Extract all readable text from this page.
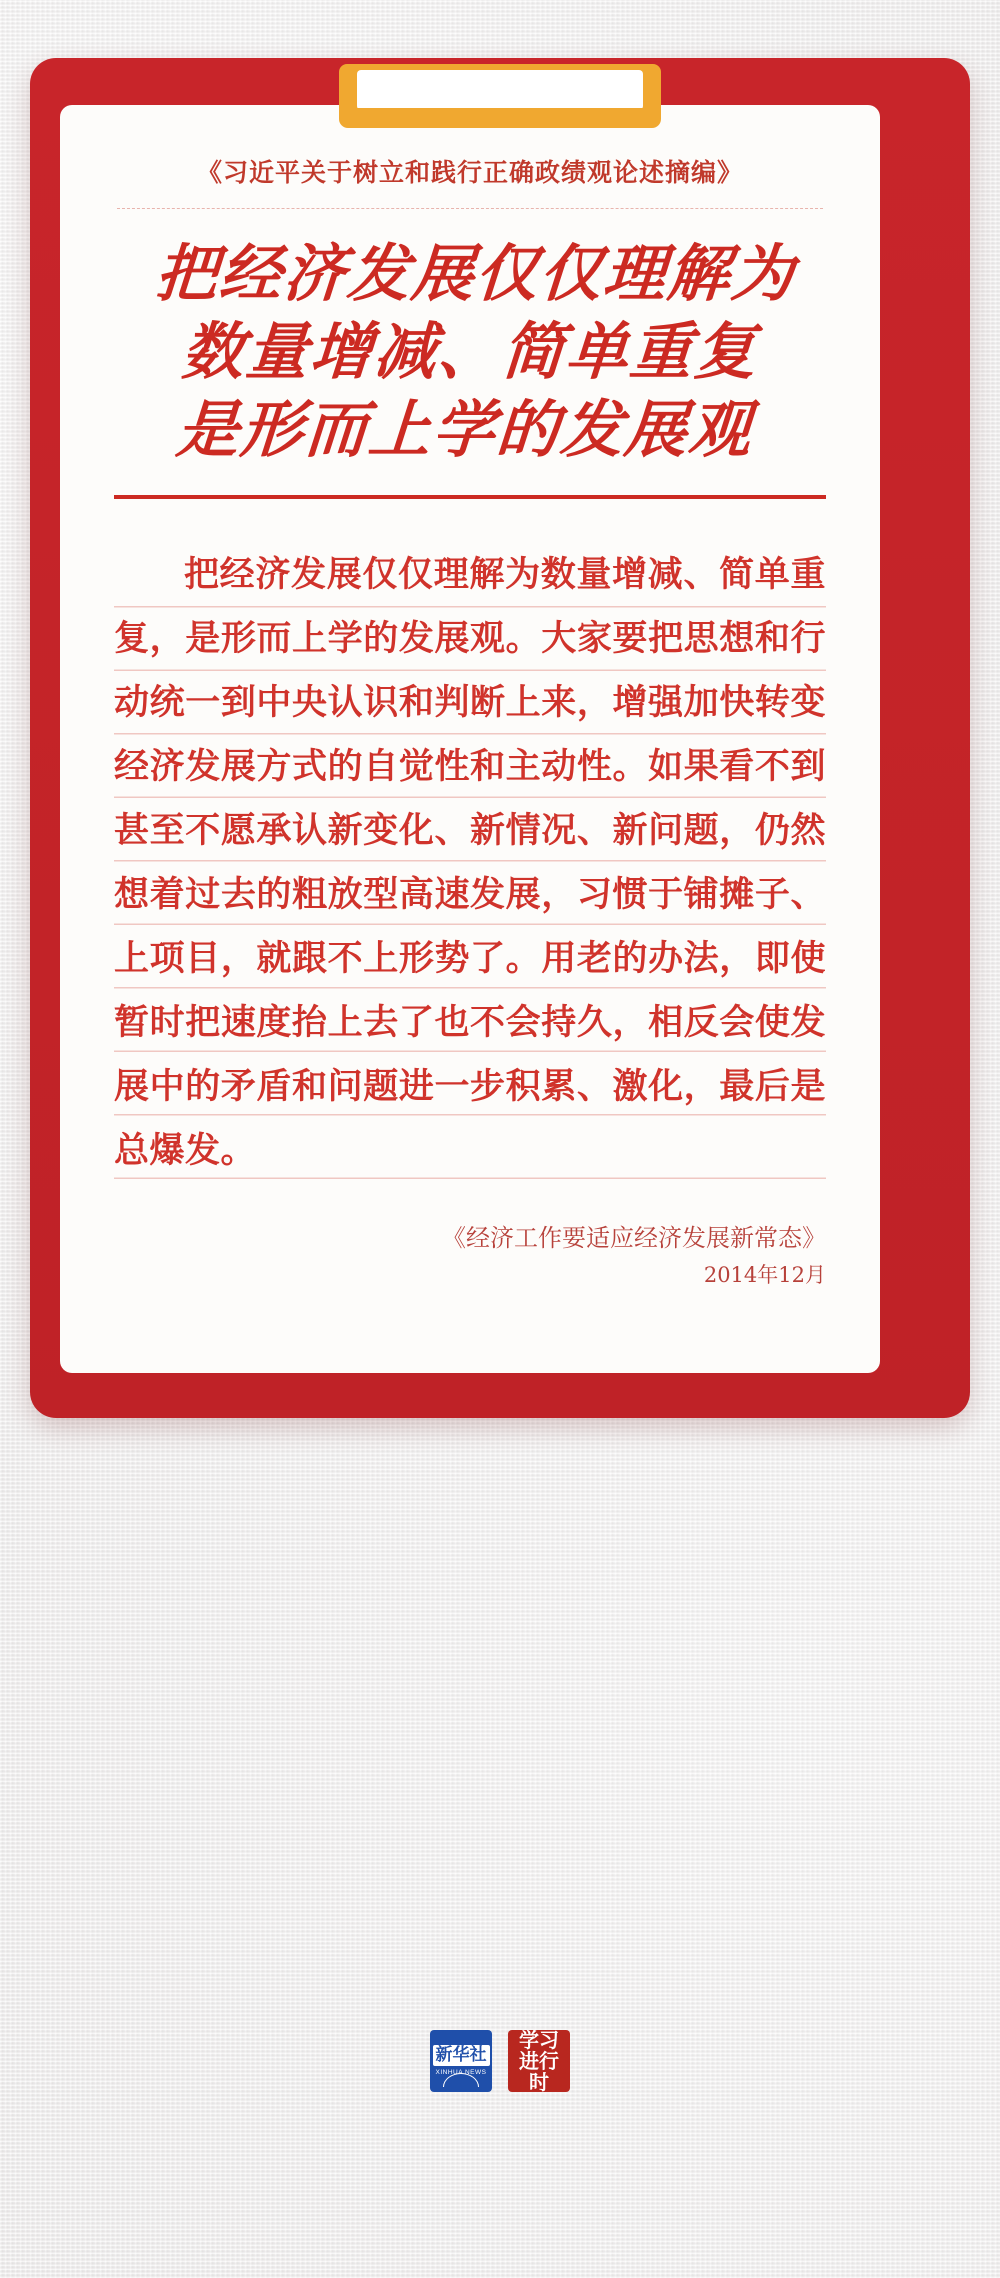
《习近平关于树立和践行正确政绩观论述摘编》
把经济发展仅仅理解为
数量增减、简单重复
是形而上学的发展观

把经济发展仅仅理解为数量增减、简单重复，是形而上学的发展观。大家要把思想和行动统一到中央认识和判断上来，增强加快转变经济发展方式的自觉性和主动性。如果看不到甚至不愿承认新变化、新情况、新问题，仍然想着过去的粗放型高速发展，习惯于铺摊子、上项目，就跟不上形势了。用老的办法，即使暂时把速度抬上去了也不会持久，相反会使发展中的矛盾和问题进一步积累、激化，最后是总爆发。

《经济工作要适应经济发展新常态》
2014年12月
新华社
XINHUA NEWS
学习进行时
